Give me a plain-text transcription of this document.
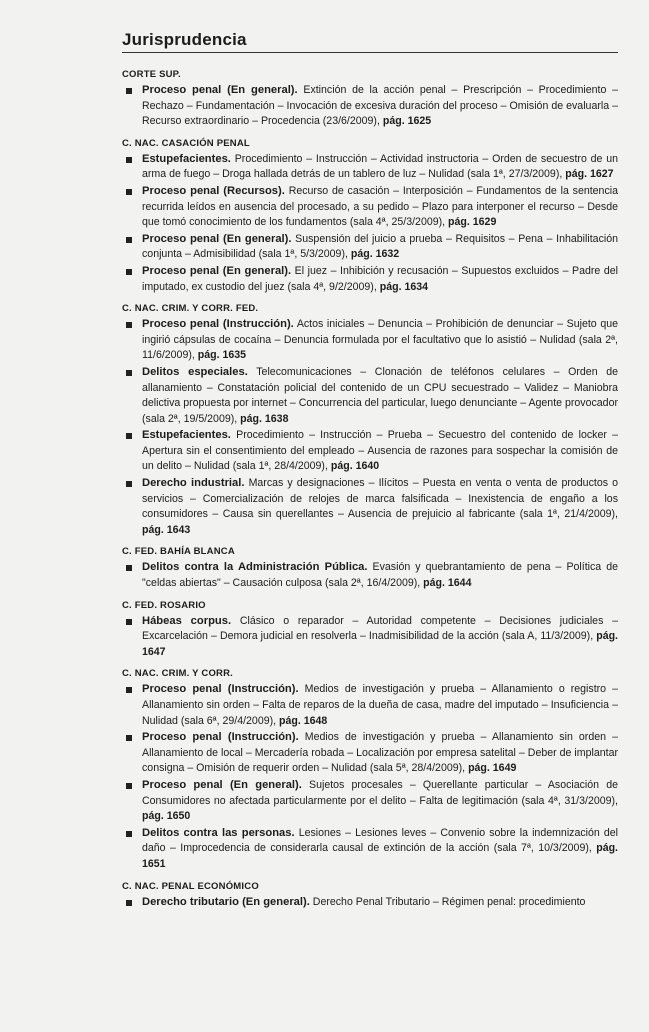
Jurisprudencia
CORTE SUP.
Proceso penal (En general). Extinción de la acción penal – Prescripción – Procedimiento – Rechazo – Fundamentación – Invocación de excesiva duración del proceso – Omisión de evaluarla – Recurso extraordinario – Procedencia (23/6/2009), pág. 1625
C. NAC. CASACIÓN PENAL
Estupefacientes. Procedimiento – Instrucción – Actividad instructoria – Orden de secuestro de un arma de fuego – Droga hallada detrás de un tablero de luz – Nulidad (sala 1ª, 27/3/2009), pág. 1627
Proceso penal (Recursos). Recurso de casación – Interposición – Fundamentos de la sentencia recurrida leídos en ausencia del procesado, a su pedido – Plazo para interponer el recurso – Desde que tomó conocimiento de los fundamentos (sala 4ª, 25/3/2009), pág. 1629
Proceso penal (En general). Suspensión del juicio a prueba – Requisitos – Pena – Inhabilitación conjunta – Admisibilidad (sala 1ª, 5/3/2009), pág. 1632
Proceso penal (En general). El juez – Inhibición y recusación – Supuestos excluidos – Padre del imputado, ex custodio del juez (sala 4ª, 9/2/2009), pág. 1634
C. NAC. CRIM. Y CORR. FED.
Proceso penal (Instrucción). Actos iniciales – Denuncia – Prohibición de denunciar – Sujeto que ingirió cápsulas de cocaína – Denuncia formulada por el facultativo que lo asistió – Nulidad (sala 2ª, 11/6/2009), pág. 1635
Delitos especiales. Telecomunicaciones – Clonación de teléfonos celulares – Orden de allanamiento – Constatación policial del contenido de un CPU secuestrado – Validez – Maniobra delictiva propuesta por internet – Concurrencia del particular, luego denunciante – Agente provocador (sala 2ª, 19/5/2009), pág. 1638
Estupefacientes. Procedimiento – Instrucción – Prueba – Secuestro del contenido de locker – Apertura sin el consentimiento del empleado – Ausencia de razones para sospechar la comisión de un delito – Nulidad (sala 1ª, 28/4/2009), pág. 1640
Derecho industrial. Marcas y designaciones – Ilícitos – Puesta en venta o venta de productos o servicios – Comercialización de relojes de marca falsificada – Inexistencia de engaño a los consumidores – Causa sin querellantes – Ausencia de prejuicio al fabricante (sala 1ª, 21/4/2009), pág. 1643
C. FED. BAHÍA BLANCA
Delitos contra la Administración Pública. Evasión y quebrantamiento de pena – Política de "celdas abiertas" – Causación culposa (sala 2ª, 16/4/2009), pág. 1644
C. FED. ROSARIO
Hábeas corpus. Clásico o reparador – Autoridad competente – Decisiones judiciales – Excarcelación – Demora judicial en resolverla – Inadmisibilidad de la acción (sala A, 11/3/2009), pág. 1647
C. NAC. CRIM. Y CORR.
Proceso penal (Instrucción). Medios de investigación y prueba – Allanamiento o registro – Allanamiento sin orden – Falta de reparos de la dueña de casa, madre del imputado – Insuficiencia – Nulidad (sala 6ª, 29/4/2009), pág. 1648
Proceso penal (Instrucción). Medios de investigación y prueba – Allanamiento sin orden – Allanamiento de local – Mercadería robada – Localización por empresa satelital – Deber de implantar consigna – Omisión de requerir orden – Nulidad (sala 5ª, 28/4/2009), pág. 1649
Proceso penal (En general). Sujetos procesales – Querellante particular – Asociación de Consumidores no afectada particularmente por el delito – Falta de legitimación (sala 4ª, 31/3/2009), pág. 1650
Delitos contra las personas. Lesiones – Lesiones leves – Convenio sobre la indemnización del daño – Improcedencia de considerarla causal de extinción de la acción (sala 7ª, 10/3/2009), pág. 1651
C. NAC. PENAL ECONÓMICO
Derecho tributario (En general). Derecho Penal Tributario – Régimen penal: procedimiento
